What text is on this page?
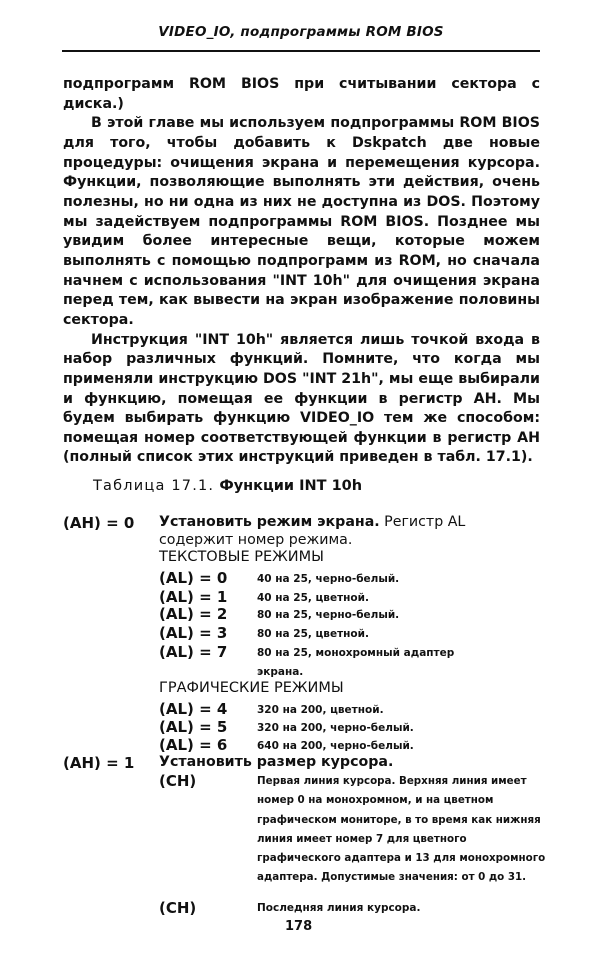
VIDEO_IO, подпрограммы ROM BIOS

подпрограмм ROM BIOS при считывании сектора с диска.)

В этой главе мы используем подпрограммы ROM BIOS для того, чтобы добавить к Dskpatch две новые процедуры: очищения экрана и перемещения курсора. Функции, позволяющие выполнять эти действия, очень полезны, но ни одна из них не доступна из DOS. Поэтому мы задействуем подпрограммы ROM BIOS. Позднее мы увидим более интересные вещи, которые можем выполнять с помощью подпрограмм из ROM, но сначала начнем с использования "INT 10h" для очищения экрана перед тем, как вывести на экран изображение половины сектора.

Инструкция "INT 10h" является лишь точкой входа в набор различных функций. Помните, что когда мы применяли инструкцию DOS "INT 21h", мы еще выбирали и функцию, помещая ее функции в регистр AH. Мы будем выбирать функцию VIDEO_IO тем же способом: помещая номер соответствующей функции в регистр AH (полный список этих инструкций приведен в табл. 17.1).

Таблица 17.1. Функции INT 10h
(AH) = 0 Установить режим экрана. Регистр AL
содержит номер режима.
ТЕКСТОВЫЕ РЕЖИМЫ
(AL) = 0	40 на 25, черно-белый.
(AL) = 1	40 на 25, цветной.
(AL) = 2	80 на 25, черно-белый.
(AL) = 3	80 на 25, цветной.
(AL) = 7	80 на 25, монохромный адаптер
экрана.
ГРАФИЧЕСКИЕ РЕЖИМЫ
(AL) = 4	320 на 200, цветной.
(AL) = 5	320 на 200, черно-белый.
(AL) = 6	640 на 200, черно-белый.
(AH) = 1 Установить размер курсора.
(CH)	Первая линия курсора. Верхняя линия имеет номер 0 на монохромном, и на цветном графическом мониторе, в то время как нижняя линия имеет номер 7 для цветного графического адаптера и 13 для монохромного адаптера. Допустимые значения: от 0 до 31.
(CH)	Последняя линия курсора.
178
